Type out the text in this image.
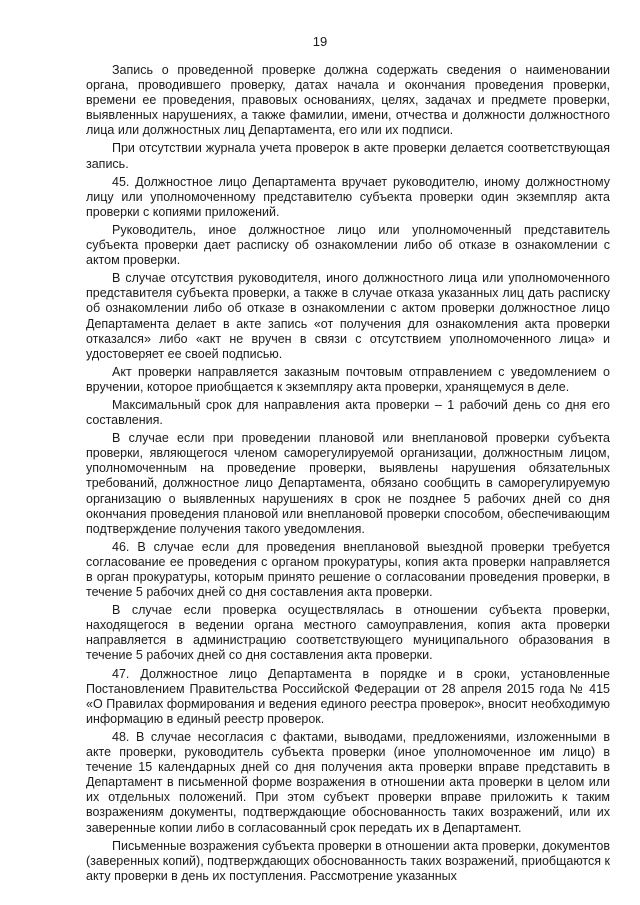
19

Запись о проведенной проверке должна содержать сведения о наименовании органа, проводившего проверку, датах начала и окончания проведения проверки, времени ее проведения, правовых основаниях, целях, задачах и предмете проверки, выявленных нарушениях, а также фамилии, имени, отчества и должности должностного лица или должностных лиц Департамента, его или их подписи.

При отсутствии журнала учета проверок в акте проверки делается соответствующая запись.

45. Должностное лицо Департамента вручает руководителю, иному должностному лицу или уполномоченному представителю субъекта проверки один экземпляр акта проверки с копиями приложений.

Руководитель, иное должностное лицо или уполномоченный представитель субъекта проверки дает расписку об ознакомлении либо об отказе в ознакомлении с актом проверки.

В случае отсутствия руководителя, иного должностного лица или уполномоченного представителя субъекта проверки, а также в случае отказа указанных лиц дать расписку об ознакомлении либо об отказе в ознакомлении с актом проверки должностное лицо Департамента делает в акте запись «от получения для ознакомления акта проверки отказался» либо «акт не вручен в связи с отсутствием уполномоченного лица» и удостоверяет ее своей подписью.

Акт проверки направляется заказным почтовым отправлением с уведомлением о вручении, которое приобщается к экземпляру акта проверки, хранящемуся в деле.

Максимальный срок для направления акта проверки – 1 рабочий день со дня его составления.

В случае если при проведении плановой или внеплановой проверки субъекта проверки, являющегося членом саморегулируемой организации, должностным лицом, уполномоченным на проведение проверки, выявлены нарушения обязательных требований, должностное лицо Департамента, обязано сообщить в саморегулируемую организацию о выявленных нарушениях в срок не позднее 5 рабочих дней со дня окончания проведения плановой или внеплановой проверки способом, обеспечивающим подтверждение получения такого уведомления.

46. В случае если для проведения внеплановой выездной проверки требуется согласование ее проведения с органом прокуратуры, копия акта проверки направляется в орган прокуратуры, которым принято решение о согласовании проведения проверки, в течение 5 рабочих дней со дня составления акта проверки.

В случае если проверка осуществлялась в отношении субъекта проверки, находящегося в ведении органа местного самоуправления, копия акта проверки направляется в администрацию соответствующего муниципального образования в течение 5 рабочих дней со дня составления акта проверки.

47. Должностное лицо Департамента в порядке и в сроки, установленные Постановлением Правительства Российской Федерации от 28 апреля 2015 года № 415 «О Правилах формирования и ведения единого реестра проверок», вносит необходимую информацию в единый реестр проверок.

48. В случае несогласия с фактами, выводами, предложениями, изложенными в акте проверки, руководитель субъекта проверки (иное уполномоченное им лицо) в течение 15 календарных дней со дня получения акта проверки вправе представить в Департамент в письменной форме возражения в отношении акта проверки в целом или их отдельных положений. При этом субъект проверки вправе приложить к таким возражениям документы, подтверждающие обоснованность таких возражений, или их заверенные копии либо в согласованный срок передать их в Департамент.

Письменные возражения субъекта проверки в отношении акта проверки, документов (заверенных копий), подтверждающих обоснованность таких возражений, приобщаются к акту проверки в день их поступления. Рассмотрение указанных
